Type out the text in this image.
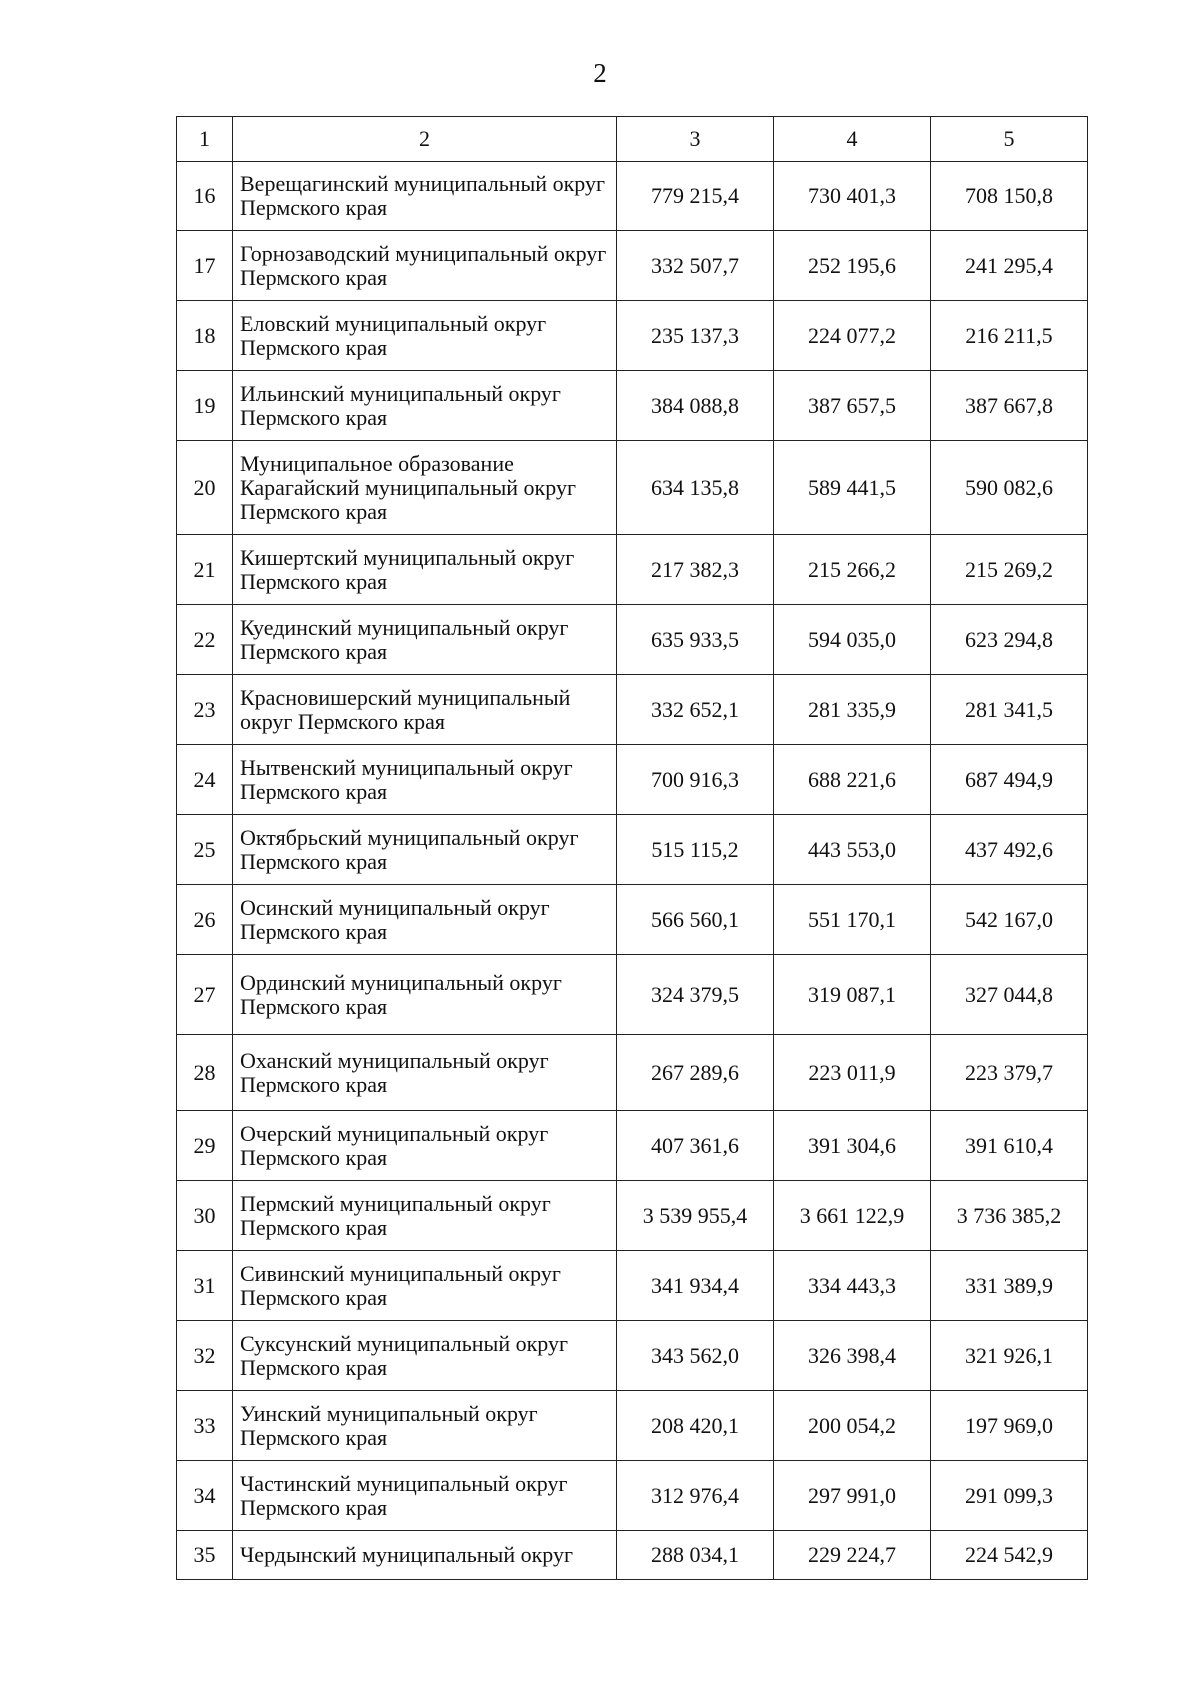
2
1	2	3	4	5
16	Верещагинский муниципальный округ Пермского края	779 215,4	730 401,3	708 150,8
17	Горнозаводский муниципальный округ Пермского края	332 507,7	252 195,6	241 295,4
18	Еловский муниципальный округ Пермского края	235 137,3	224 077,2	216 211,5
19	Ильинский муниципальный округ Пермского края	384 088,8	387 657,5	387 667,8
20	Муниципальное образование Карагайский муниципальный округ Пермского края	634 135,8	589 441,5	590 082,6
21	Кишертский муниципальный округ Пермского края	217 382,3	215 266,2	215 269,2
22	Куединский муниципальный округ Пермского края	635 933,5	594 035,0	623 294,8
23	Красновишерский муниципальный округ Пермского края	332 652,1	281 335,9	281 341,5
24	Нытвенский муниципальный округ Пермского края	700 916,3	688 221,6	687 494,9
25	Октябрьский муниципальный округ Пермского края	515 115,2	443 553,0	437 492,6
26	Осинский муниципальный округ Пермского края	566 560,1	551 170,1	542 167,0
27	Ординский муниципальный округ Пермского края	324 379,5	319 087,1	327 044,8
28	Оханский муниципальный округ Пермского края	267 289,6	223 011,9	223 379,7
29	Очерский муниципальный округ Пермского края	407 361,6	391 304,6	391 610,4
30	Пермский муниципальный округ Пермского края	3 539 955,4	3 661 122,9	3 736 385,2
31	Сивинский муниципальный округ Пермского края	341 934,4	334 443,3	331 389,9
32	Суксунский муниципальный округ Пермского края	343 562,0	326 398,4	321 926,1
33	Уинский муниципальный округ Пермского края	208 420,1	200 054,2	197 969,0
34	Частинский муниципальный округ Пермского края	312 976,4	297 991,0	291 099,3
35	Чердынский муниципальный округ	288 034,1	229 224,7	224 542,9
